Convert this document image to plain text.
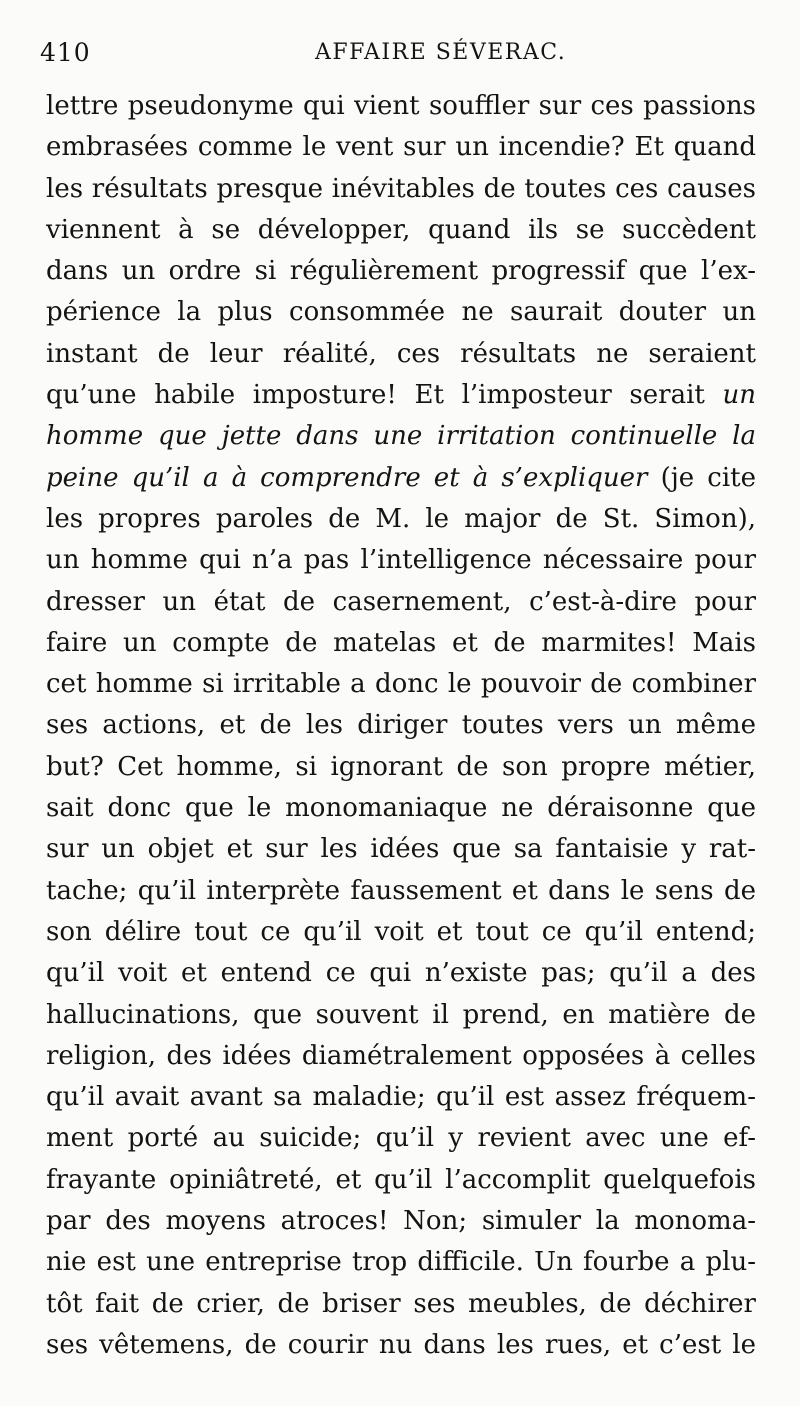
410	AFFAIRE SÉVERAC.
lettre pseudonyme qui vient souffler sur ces passions
embrasées comme le vent sur un incendie? Et quand
les résultats presque inévitables de toutes ces causes
viennent à se développer, quand ils se succèdent
dans un ordre si régulièrement progressif que l’ex-
périence la plus consommée ne saurait douter un
instant de leur réalité, ces résultats ne seraient
qu’une habile imposture! Et l’imposteur serait un
homme que jette dans une irritation continuelle la
peine qu’il a à comprendre et à s’expliquer (je cite
les propres paroles de M. le major de St. Simon),
un homme qui n’a pas l’intelligence nécessaire pour
dresser un état de casernement, c’est-à-dire pour
faire un compte de matelas et de marmites! Mais
cet homme si irritable a donc le pouvoir de combiner
ses actions, et de les diriger toutes vers un même
but? Cet homme, si ignorant de son propre métier,
sait donc que le monomaniaque ne déraisonne que
sur un objet et sur les idées que sa fantaisie y rat-
tache; qu’il interprète faussement et dans le sens de
son délire tout ce qu’il voit et tout ce qu’il entend;
qu’il voit et entend ce qui n’existe pas; qu’il a des
hallucinations, que souvent il prend, en matière de
religion, des idées diamétralement opposées à celles
qu’il avait avant sa maladie; qu’il est assez fréquem-
ment porté au suicide; qu’il y revient avec une ef-
frayante opiniâtreté, et qu’il l’accomplit quelquefois
par des moyens atroces! Non; simuler la monoma-
nie est une entreprise trop difficile. Un fourbe a plu-
tôt fait de crier, de briser ses meubles, de déchirer
ses vêtemens, de courir nu dans les rues, et c’est le
